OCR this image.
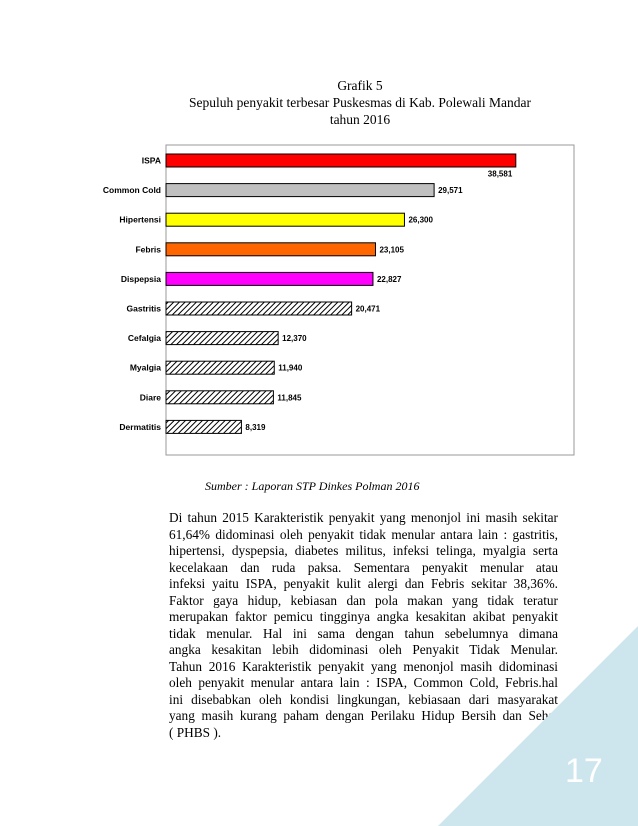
Grafik 5
Sepuluh penyakit terbesar Puskesmas di Kab. Polewali Mandar
tahun 2016
ISPA
38,581
Common Cold	29,571
Hipertensi	26,300
Febris	23,105
Dispepsia	22,827
Gastritis	20,471
Cefalgia	12,370
Myalgia	11,940
Diare	11,845
Dermatitis	8,319
Sumber : Laporan STP Dinkes Polman 2016
Di tahun 2015 Karakteristik penyakit yang menonjol ini masih sekitar
61,64% didominasi oleh penyakit tidak menular antara lain : gastritis,
hipertensi, dyspepsia, diabetes militus, infeksi telinga, myalgia serta
kecelakaan dan ruda paksa. Sementara penyakit menular atau
infeksi yaitu ISPA, penyakit kulit alergi dan Febris sekitar 38,36%.
Faktor gaya hidup, kebiasan dan pola makan yang tidak teratur
merupakan faktor pemicu tingginya angka kesakitan akibat penyakit
tidak menular. Hal ini sama dengan tahun sebelumnya dimana
angka kesakitan lebih didominasi oleh Penyakit Tidak Menular.
Tahun 2016 Karakteristik penyakit yang menonjol masih didominasi
oleh penyakit menular antara lain : ISPA, Common Cold, Febris.hal
ini disebabkan oleh kondisi lingkungan, kebiasaan dari masyarakat
yang masih kurang paham dengan Perilaku Hidup Bersih dan Sehat
( PHBS ).
17
